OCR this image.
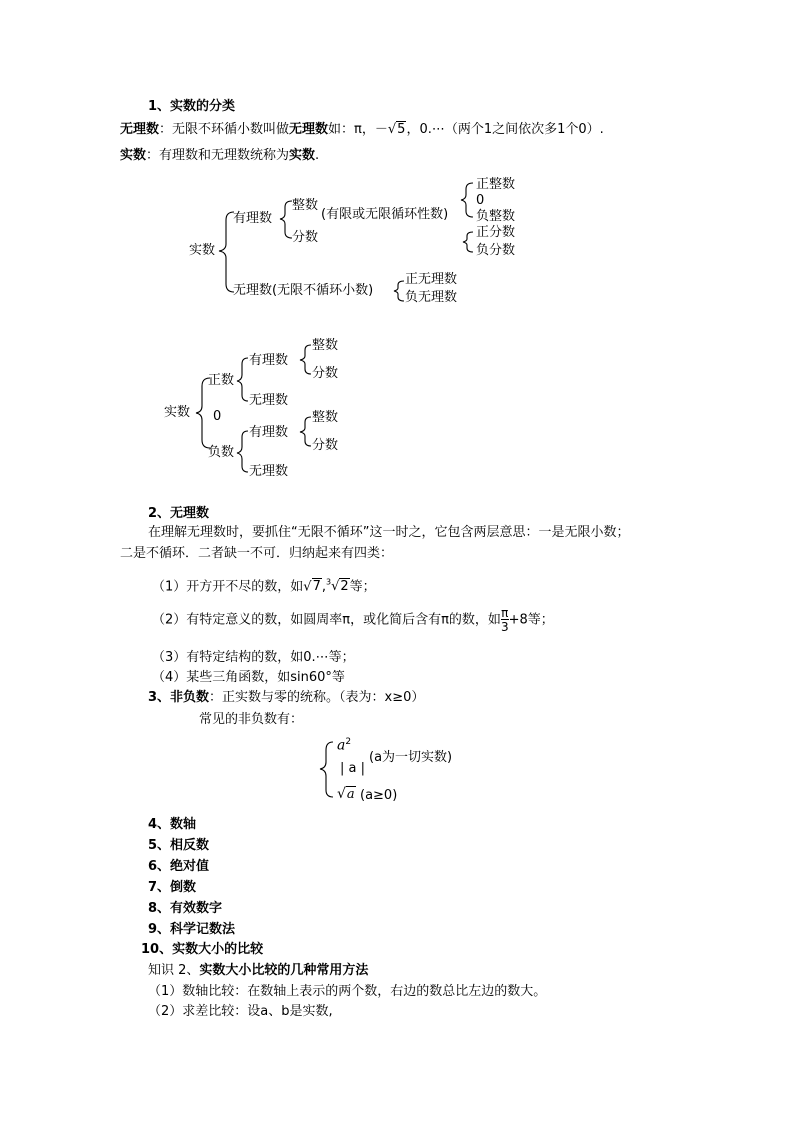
1、实数的分类
无理数：无限不环循小数叫做无理数如：π，－√5，0.⋯（两个1之间依次多1个0）.
实数：有理数和无理数统称为实数.
实数
有理数
整数
(有限或无限循环性数)
正整数
0
负整数
分数	正分数
负分数
无理数(无限不循环小数)
正无理数
负无理数
实数
正数
0
负数
有理数
整数
分数
无理数
有理数
整数
分数
无理数
2、无理数
在理解无理数时，要抓住“无限不循环”这一时之，它包含两层意思：一是无限小数；
二是不循环．二者缺一不可．归纳起来有四类：
（1）开方开不尽的数，如√7,$^3$√2等；
（2）有特定意义的数，如圆周率π，或化简后含有π的数，如 $\frac{\pi}{3} +8$等；
（3）有特定结构的数，如0.⋯等；
（4）某些三角函数，如sin60°等
3、非负数：正实数与零的统称。（表为：x≥0）
常见的非负数有：
$a^2$
| a |
(a为一切实数)
√a (a≥0)
4、数轴
5、相反数
6、绝对值
7、倒数
8、有效数字
9、科学记数法
10、实数大小的比较
知识 2、实数大小比较的几种常用方法
（1）数轴比较：在数轴上表示的两个数，右边的数总比左边的数大。
（2）求差比较：设a、b是实数,
